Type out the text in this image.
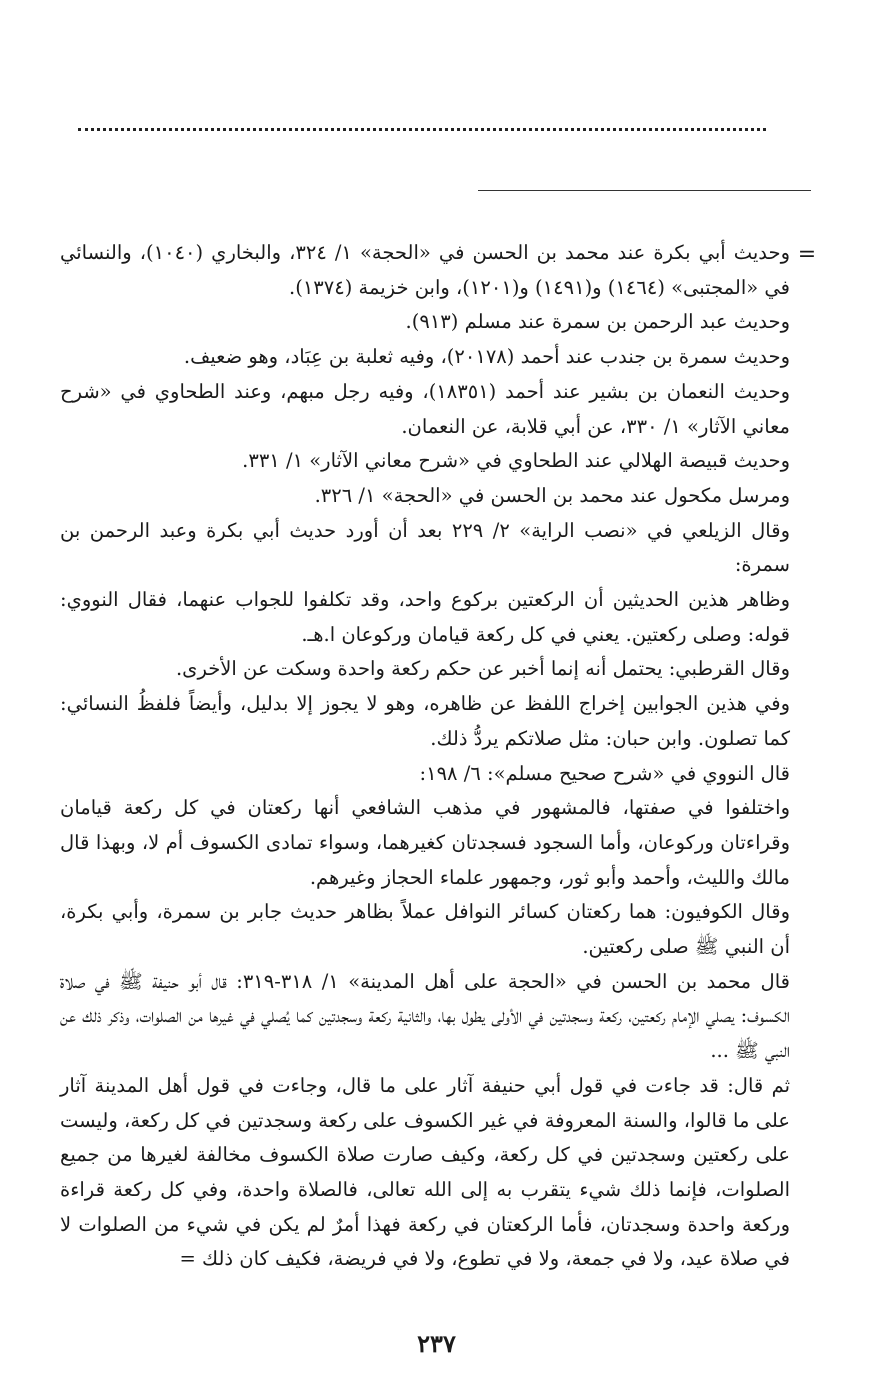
=

وحديث أبي بكرة عند محمد بن الحسن في «الحجة» ١/ ٣٢٤، والبخاري (١٠٤٠)، والنسائي في «المجتبى» (١٤٦٤) و(١٤٩١) و(١٢٠١)، وابن خزيمة (١٣٧٤).

وحديث عبد الرحمن بن سمرة عند مسلم (٩١٣).

وحديث سمرة بن جندب عند أحمد (٢٠١٧٨)، وفيه ثعلبة بن عِبَاد، وهو ضعيف.

وحديث النعمان بن بشير عند أحمد (١٨٣٥١)، وفيه رجل مبهم، وعند الطحاوي في «شرح معاني الآثار» ١/ ٣٣٠، عن أبي قلابة، عن النعمان.

وحديث قبيصة الهلالي عند الطحاوي في «شرح معاني الآثار» ١/ ٣٣١.

ومرسل مكحول عند محمد بن الحسن في «الحجة» ١/ ٣٢٦.

وقال الزيلعي في «نصب الراية» ٢/ ٢٢٩ بعد أن أورد حديث أبي بكرة وعبد الرحمن بن سمرة:

وظاهر هذين الحديثين أن الركعتين بركوع واحد، وقد تكلفوا للجواب عنهما، فقال النووي: قوله: وصلى ركعتين. يعني في كل ركعة قيامان وركوعان ا.هـ.

وقال القرطبي: يحتمل أنه إنما أخبر عن حكم ركعة واحدة وسكت عن الأخرى.

وفي هذين الجوابين إخراج اللفظ عن ظاهره، وهو لا يجوز إلا بدليل، وأيضاً فلفظُ النسائي: كما تصلون. وابن حبان: مثل صلاتكم يردُّ ذلك.

قال النووي في «شرح صحيح مسلم»: ٦/ ١٩٨:

واختلفوا في صفتها، فالمشهور في مذهب الشافعي أنها ركعتان في كل ركعة قيامان وقراءتان وركوعان، وأما السجود فسجدتان كغيرهما، وسواء تمادى الكسوف أم لا، وبهذا قال مالك والليث، وأحمد وأبو ثور، وجمهور علماء الحجاز وغيرهم.

وقال الكوفيون: هما ركعتان كسائر النوافل عملاً بظاهر حديث جابر بن سمرة، وأبي بكرة، أن النبي ﷺ صلى ركعتين.

قال محمد بن الحسن في «الحجة على أهل المدينة» ١/ ٣١٨-٣١٩: قال أبو حنيفة ﷺ في صلاة الكسوف: يصلي الإمام ركعتين، ركعة وسجدتين في الأولى يطول بها، والثانية ركعة وسجدتين كما يُصلي في غيرها من الصلوات، وذكر ذلك عن النبي ﷺ ...

ثم قال: قد جاءت في قول أبي حنيفة آثار على ما قال، وجاءت في قول أهل المدينة آثار على ما قالوا، والسنة المعروفة في غير الكسوف على ركعة وسجدتين في كل ركعة، وليست على ركعتين وسجدتين في كل ركعة، وكيف صارت صلاة الكسوف مخالفة لغيرها من جميع الصلوات، فإنما ذلك شيء يتقرب به إلى الله تعالى، فالصلاة واحدة، وفي كل ركعة قراءة وركعة واحدة وسجدتان، فأما الركعتان في ركعة فهذا أمرٌ لم يكن في شيء من الصلوات لا في صلاة عيد، ولا في جمعة، ولا في تطوع، ولا في فريضة، فكيف كان ذلك =

٢٣٧
